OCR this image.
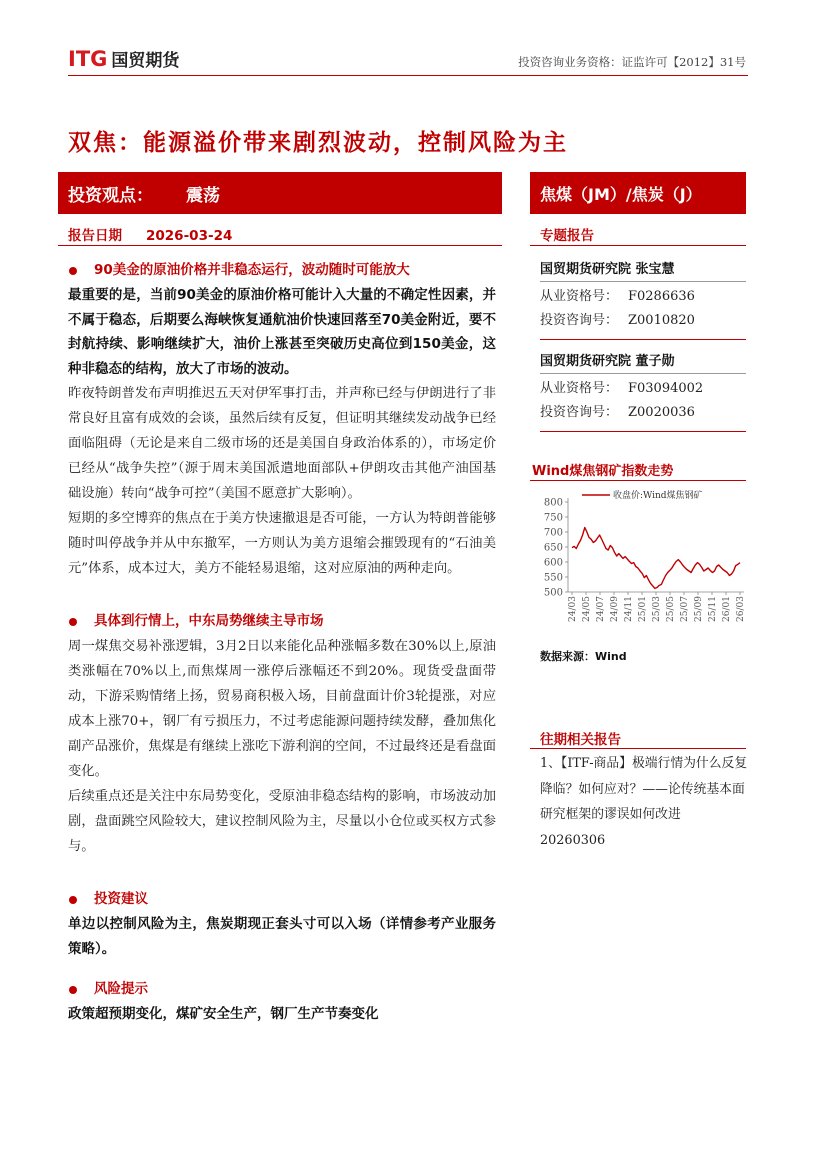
ITG 国贸期货	投资咨询业务资格：证监许可【2012】31号
双焦：能源溢价带来剧烈波动，控制风险为主
投资观点：	震荡	焦煤（JM）/焦炭（J）
报告日期 2026-03-24	专题报告
90美金的原油价格并非稳态运行，波动随时可能放大
最重要的是，当前90美金的原油价格可能计入大量的不确定性因素，并不属于稳态，后期要么海峡恢复通航油价快速回落至70美金附近，要不封航持续、影响继续扩大，油价上涨甚至突破历史高位到150美金，这种非稳态的结构，放大了市场的波动。
昨夜特朗普发布声明推迟五天对伊军事打击，并声称已经与伊朗进行了非常良好且富有成效的会谈，虽然后续有反复，但证明其继续发动战争已经面临阻碍（无论是来自二级市场的还是美国自身政治体系的），市场定价已经从“战争失控”（源于周末美国派遣地面部队+伊朗攻击其他产油国基础设施）转向“战争可控”（美国不愿意扩大影响）。
短期的多空博弈的焦点在于美方快速撤退是否可能，一方认为特朗普能够随时叫停战争并从中东撤军，一方则认为美方退缩会摧毁现有的“石油美元”体系，成本过大，美方不能轻易退缩，这对应原油的两种走向。
具体到行情上，中东局势继续主导市场
周一煤焦交易补涨逻辑，3月2日以来能化品种涨幅多数在30%以上,原油类涨幅在70%以上,而焦煤周一涨停后涨幅还不到20%。现货受盘面带动，下游采购情绪上扬，贸易商积极入场，目前盘面计价3轮提涨，对应成本上涨70+，钢厂有亏损压力，不过考虑能源问题持续发酵，叠加焦化副产品涨价，焦煤是有继续上涨吃下游利润的空间，不过最终还是看盘面变化。
后续重点还是关注中东局势变化，受原油非稳态结构的影响，市场波动加剧，盘面跳空风险较大，建议控制风险为主，尽量以小仓位或买权方式参与。
投资建议
单边以控制风险为主，焦炭期现正套头寸可以入场（详情参考产业服务策略）。
风险提示
政策超预期变化，煤矿安全生产，钢厂生产节奏变化
国贸期货研究院 张宝慧
从业资格号： F0286636
投资咨询号： Z0010820
国贸期货研究院 董子勋
从业资格号： F03094002
投资咨询号： Z0020036
Wind煤焦钢矿指数走势
收盘价:Wind煤焦钢矿
500
550
600
650
700
750
800
24/03 24/05 24/07 24/09 24/11 25/01 25/03 25/05 25/07 25/09 25/11 26/01 26/03
数据来源：Wind
往期相关报告
1、【ITF-商品】极端行情为什么反复降临？如何应对？——论传统基本面研究框架的谬误如何改进 20260306
